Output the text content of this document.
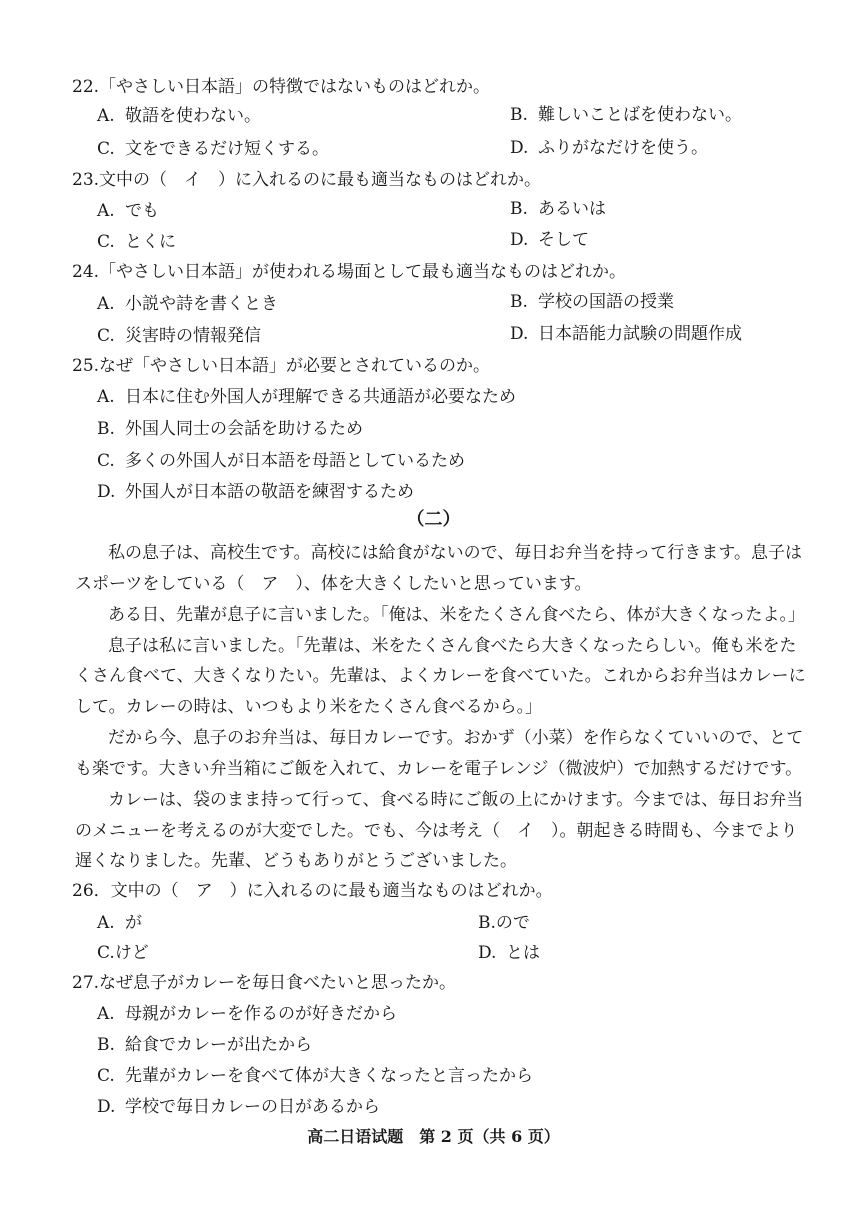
22.「やさしい日本語」の特徴ではないものはどれか。
A. 敬語を使わない。	B. 難しいことばを使わない。
C. 文をできるだけ短くする。	D. ふりがなだけを使う。
23.文中の（　イ　）に入れるのに最も適当なものはどれか。
A. でも	B. あるいは
C. とくに	D. そして
24.「やさしい日本語」が使われる場面として最も適当なものはどれか。
A. 小説や詩を書くとき	B. 学校の国語の授業
C. 災害時の情報発信	D. 日本語能力試験の問題作成
25.なぜ「やさしい日本語」が必要とされているのか。
A. 日本に住む外国人が理解できる共通語が必要なため
B. 外国人同士の会話を助けるため
C. 多くの外国人が日本語を母語としているため
D. 外国人が日本語の敬語を練習するため
（二）
私の息子は、高校生です。高校には給食がないので、毎日お弁当を持って行きます。息子は
スポーツをしている（　ア　）、体を大きくしたいと思っています。
ある日、先輩が息子に言いました。「俺は、米をたくさん食べたら、体が大きくなったよ。」
息子は私に言いました。「先輩は、米をたくさん食べたら大きくなったらしい。俺も米をた
くさん食べて、大きくなりたい。先輩は、よくカレーを食べていた。これからお弁当はカレーに
して。カレーの時は、いつもより米をたくさん食べるから。」
だから今、息子のお弁当は、毎日カレーです。おかず（小菜）を作らなくていいので、とて
も楽です。大きい弁当箱にご飯を入れて、カレーを電子レンジ（微波炉）で加熱するだけです。
カレーは、袋のまま持って行って、食べる時にご飯の上にかけます。今までは、毎日お弁当
のメニューを考えるのが大変でした。でも、今は考え（　イ　）。朝起きる時間も、今までより
遅くなりました。先輩、どうもありがとうございました。
26．文中の（　ア　）に入れるのに最も適当なものはどれか。
A. が	B.ので
C.けど	D. とは
27.なぜ息子がカレーを毎日食べたいと思ったか。
A. 母親がカレーを作るのが好きだから
B. 給食でカレーが出たから
C. 先輩がカレーを食べて体が大きくなったと言ったから
D. 学校で毎日カレーの日があるから
高二日语试题　第 2 页（共 6 页）
